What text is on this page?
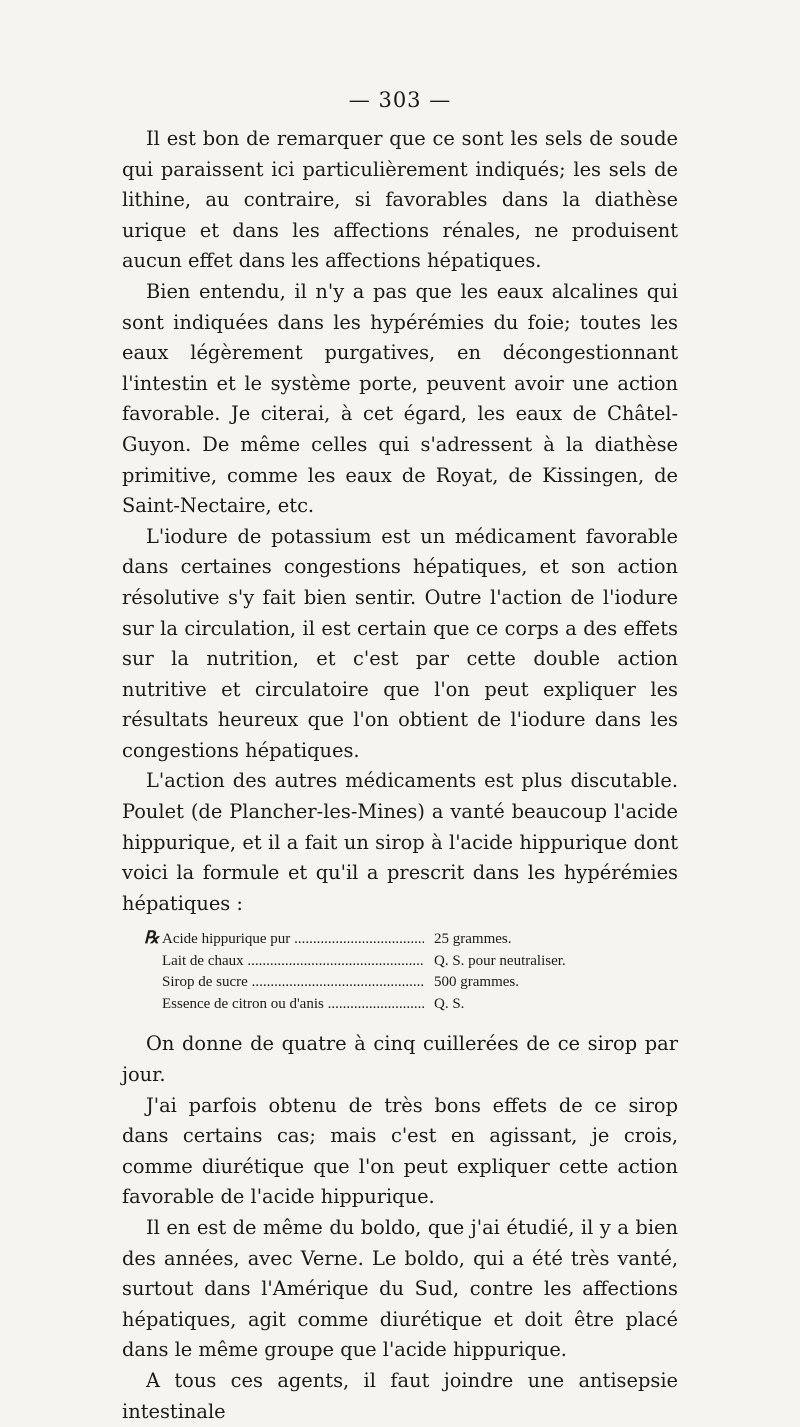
— 303 —

Il est bon de remarquer que ce sont les sels de soude qui paraissent ici particulièrement indiqués; les sels de lithine, au contraire, si favorables dans la diathèse urique et dans les affections rénales, ne produisent aucun effet dans les affections hépatiques.

Bien entendu, il n'y a pas que les eaux alcalines qui sont indiquées dans les hypérémies du foie; toutes les eaux légèrement purgatives, en décongestionnant l'intestin et le système porte, peuvent avoir une action favorable. Je citerai, à cet égard, les eaux de Châtel-Guyon. De même celles qui s'adressent à la diathèse primitive, comme les eaux de Royat, de Kissingen, de Saint-Nectaire, etc.

L'iodure de potassium est un médicament favorable dans certaines congestions hépatiques, et son action résolutive s'y fait bien sentir. Outre l'action de l'iodure sur la circulation, il est certain que ce corps a des effets sur la nutrition, et c'est par cette double action nutritive et circulatoire que l'on peut expliquer les résultats heureux que l'on obtient de l'iodure dans les congestions hépatiques.

L'action des autres médicaments est plus discutable. Poulet (de Plancher-les-Mines) a vanté beaucoup l'acide hippurique, et il a fait un sirop à l'acide hippurique dont voici la formule et qu'il a prescrit dans les hypérémies hépatiques :

℞ Acide hippurique pur .....	25 grammes.
Lait de chaux .....	Q. S. pour neutraliser.
Sirop de sucre .....	500 grammes.
Essence de citron ou d'anis .....	Q. S.

On donne de quatre à cinq cuillerées de ce sirop par jour.

J'ai parfois obtenu de très bons effets de ce sirop dans certains cas; mais c'est en agissant, je crois, comme diurétique que l'on peut expliquer cette action favorable de l'acide hippurique.

Il en est de même du boldo, que j'ai étudié, il y a bien des années, avec Verne. Le boldo, qui a été très vanté, surtout dans l'Amérique du Sud, contre les affections hépatiques, agit comme diurétique et doit être placé dans le même groupe que l'acide hippurique.

A tous ces agents, il faut joindre une antisepsie intestinale
